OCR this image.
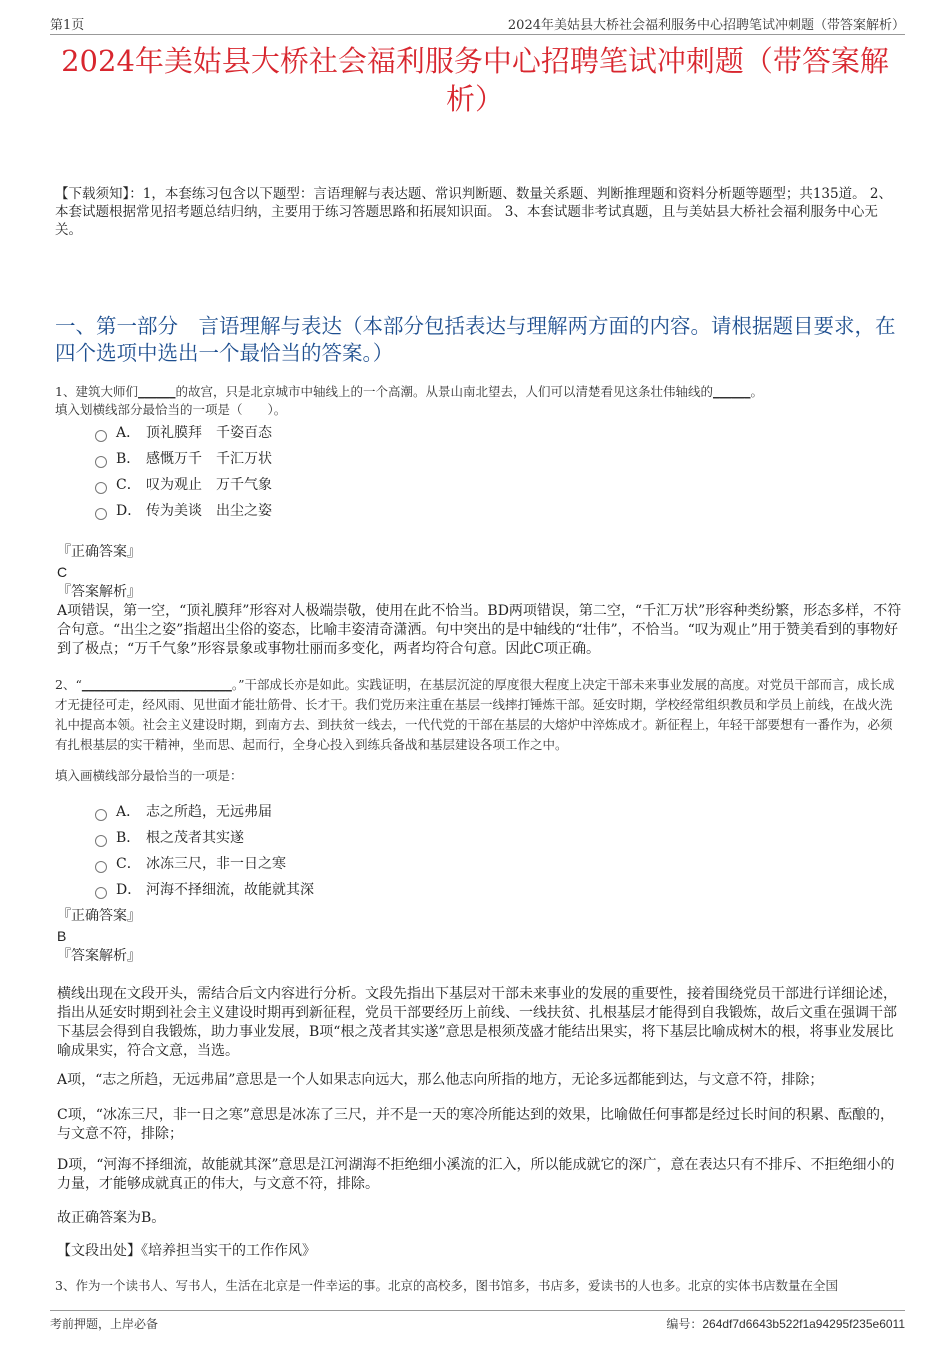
第1页	2024年美姑县大桥社会福利服务中心招聘笔试冲刺题（带答案解析）
2024年美姑县大桥社会福利服务中心招聘笔试冲刺题（带答案解析）
【下载须知】：1，本套练习包含以下题型：言语理解与表达题、常识判断题、数量关系题、判断推理题和资料分析题等题型；共135道。 2、本套试题根据常见招考题总结归纳，主要用于练习答题思路和拓展知识面。 3、本套试题非考试真题，且与美姑县大桥社会福利服务中心无关。
一、第一部分　言语理解与表达（本部分包括表达与理解两方面的内容。请根据题目要求，在四个选项中选出一个最恰当的答案。）
1、建筑大师们______的故宫，只是北京城市中轴线上的一个高潮。从景山南北望去，人们可以清楚看见这条壮伟轴线的______。
填入划横线部分最恰当的一项是（　　）。
A． 顶礼膜拜　千姿百态
B． 感慨万千　千汇万状
C． 叹为观止　万千气象
D． 传为美谈　出尘之姿
『正确答案』
C
『答案解析』
A项错误，第一空，“顶礼膜拜”形容对人极端崇敬，使用在此不恰当。BD两项错误，第二空，“千汇万状”形容种类纷繁，形态多样，不符合句意。“出尘之姿”指超出尘俗的姿态，比喻丰姿清奇潇洒。句中突出的是中轴线的“壮伟”，不恰当。“叹为观止”用于赞美看到的事物好到了极点；“万千气象”形容景象或事物壮丽而多变化，两者均符合句意。因此C项正确。
2、“________________________。”干部成长亦是如此。实践证明，在基层沉淀的厚度很大程度上决定干部未来事业发展的高度。对党员干部而言，成长成才无捷径可走，经风雨、见世面才能壮筋骨、长才干。我们党历来注重在基层一线摔打锤炼干部。延安时期，学校经常组织教员和学员上前线，在战火洗礼中提高本领。社会主义建设时期，到南方去、到扶贫一线去，一代代党的干部在基层的大熔炉中淬炼成才。新征程上，年轻干部要想有一番作为，必须有扎根基层的实干精神，坐而思、起而行，全身心投入到练兵备战和基层建设各项工作之中。
填入画横线部分最恰当的一项是：
A． 志之所趋，无远弗届
B． 根之茂者其实遂
C． 冰冻三尺，非一日之寒
D． 河海不择细流，故能就其深
『正确答案』
B
『答案解析』
横线出现在文段开头，需结合后文内容进行分析。文段先指出下基层对干部未来事业的发展的重要性，接着围绕党员干部进行详细论述，指出从延安时期到社会主义建设时期再到新征程，党员干部要经历上前线、一线扶贫、扎根基层才能得到自我锻炼，故后文重在强调干部下基层会得到自我锻炼，助力事业发展，B项“根之茂者其实遂”意思是根须茂盛才能结出果实，将下基层比喻成树木的根，将事业发展比喻成果实，符合文意，当选。
A项，“志之所趋，无远弗届”意思是一个人如果志向远大，那么他志向所指的地方，无论多远都能到达，与文意不符，排除；
C项，“冰冻三尺，非一日之寒”意思是冰冻了三尺，并不是一天的寒冷所能达到的效果，比喻做任何事都是经过长时间的积累、酝酿的，与文意不符，排除；
D项，“河海不择细流，故能就其深”意思是江河湖海不拒绝细小溪流的汇入，所以能成就它的深广，意在表达只有不排斥、不拒绝细小的力量，才能够成就真正的伟大，与文意不符，排除。
故正确答案为B。
【文段出处】《培养担当实干的工作作风》
3、作为一个读书人、写书人，生活在北京是一件幸运的事。北京的高校多，图书馆多，书店多，爱读书的人也多。北京的实体书店数量在全国
考前押题，上岸必备	编号：264df7d6643b522f1a94295f235e6011
